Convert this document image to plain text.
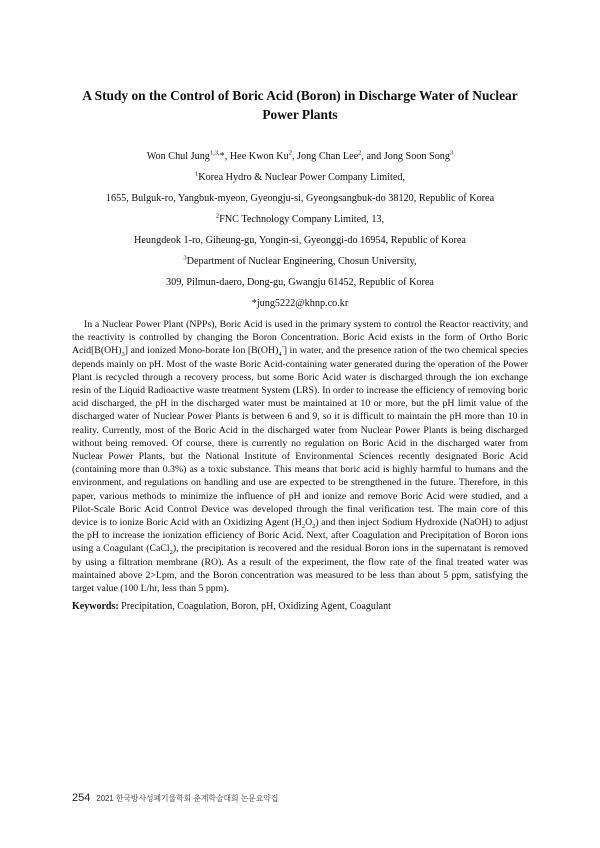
A Study on the Control of Boric Acid (Boron) in Discharge Water of Nuclear Power Plants
Won Chul Jung$^{1,3,}$*, Hee Kwon Ku$^2$, Jong Chan Lee$^2$, and Jong Soon Song$^3$
$^1$Korea Hydro & Nuclear Power Company Limited,
1655, Bulguk-ro, Yangbuk-myeon, Gyeongju-si, Gyeongsangbuk-do 38120, Republic of Korea
$^2$FNC Technology Company Limited, 13,
Heungdeok 1-ro, Giheung-gu, Yongin-si, Gyeonggi-do 16954, Republic of Korea
$^3$Department of Nuclear Engineering, Chosun University,
309, Pilmun-daero, Dong-gu, Gwangju 61452, Republic of Korea

In a Nuclear Power Plant (NPPs), Boric Acid is used in the primary system to control the Reactor reactivity, and the reactivity is controlled by changing the Boron Concentration. Boric Acid exists in the form of Ortho Boric $Acid[B(OH)_3]$ and ionized Mono-borate Ion $[B(OH)_4^-]$ in water, and the presence ration of the two chemical species depends mainly on pH. Most of the waste Boric Acid-containing water generated during the operation of the Power Plant is recycled through a recovery process, but some Boric Acid water is discharged through the ion exchange resin of the Liquid Radioactive waste treatment System (LRS). In order to increase the efficiency of removing boric acid discharged, the pH in the discharged water must be maintained at 10 or more, but the pH limit value of the discharged water of Nuclear Power Plants is between 6 and 9, so it is difficult to maintain the pH more than 10 in reality. Currently, most of the Boric Acid in the discharged water from Nuclear Power Plants is being discharged without being removed. Of course, there is currently no regulation on Boric Acid in the discharged water from Nuclear Power Plants, but the National Institute of Environmental Sciences recently designated Boric Acid (containing more than 0.3%) as a toxic substance. This means that boric acid is highly harmful to humans and the environment, and regulations on handling and use are expected to be strengthened in the future. Therefore, in this paper, various methods to minimize the influence of pH and ionize and remove Boric Acid were studied, and a Pilot-Scale Boric Acid Control Device was developed through the final verification test. The main core of this device is to ionize Boric Acid with an Oxidizing Agent $(H_2O_2)$ and then inject Sodium Hydroxide (NaOH) to adjust the pH to increase the ionization efficiency of Boric Acid. Next, after Coagulation and Precipitation of Boron ions using a Coagulant (CaCl$_2$), the precipitation is recovered and the residual Boron ions in the supernatant is removed by using a filtration membrane (RO). As a result of the experiment, the flow rate of the final treated water was maintained above 2>Lpm, and the Boron concentration was measured to be less than about 5 ppm, satisfying the target value (100 L/hr, less than 5 ppm).

*jung5222@khnp.co.kr
Keywords: Precipitation, Coagulation, Boron, pH, Oxidizing Agent, Coagulant
254 2021 한국방사성폐기물학회 춘계학술대회 논문요약집
